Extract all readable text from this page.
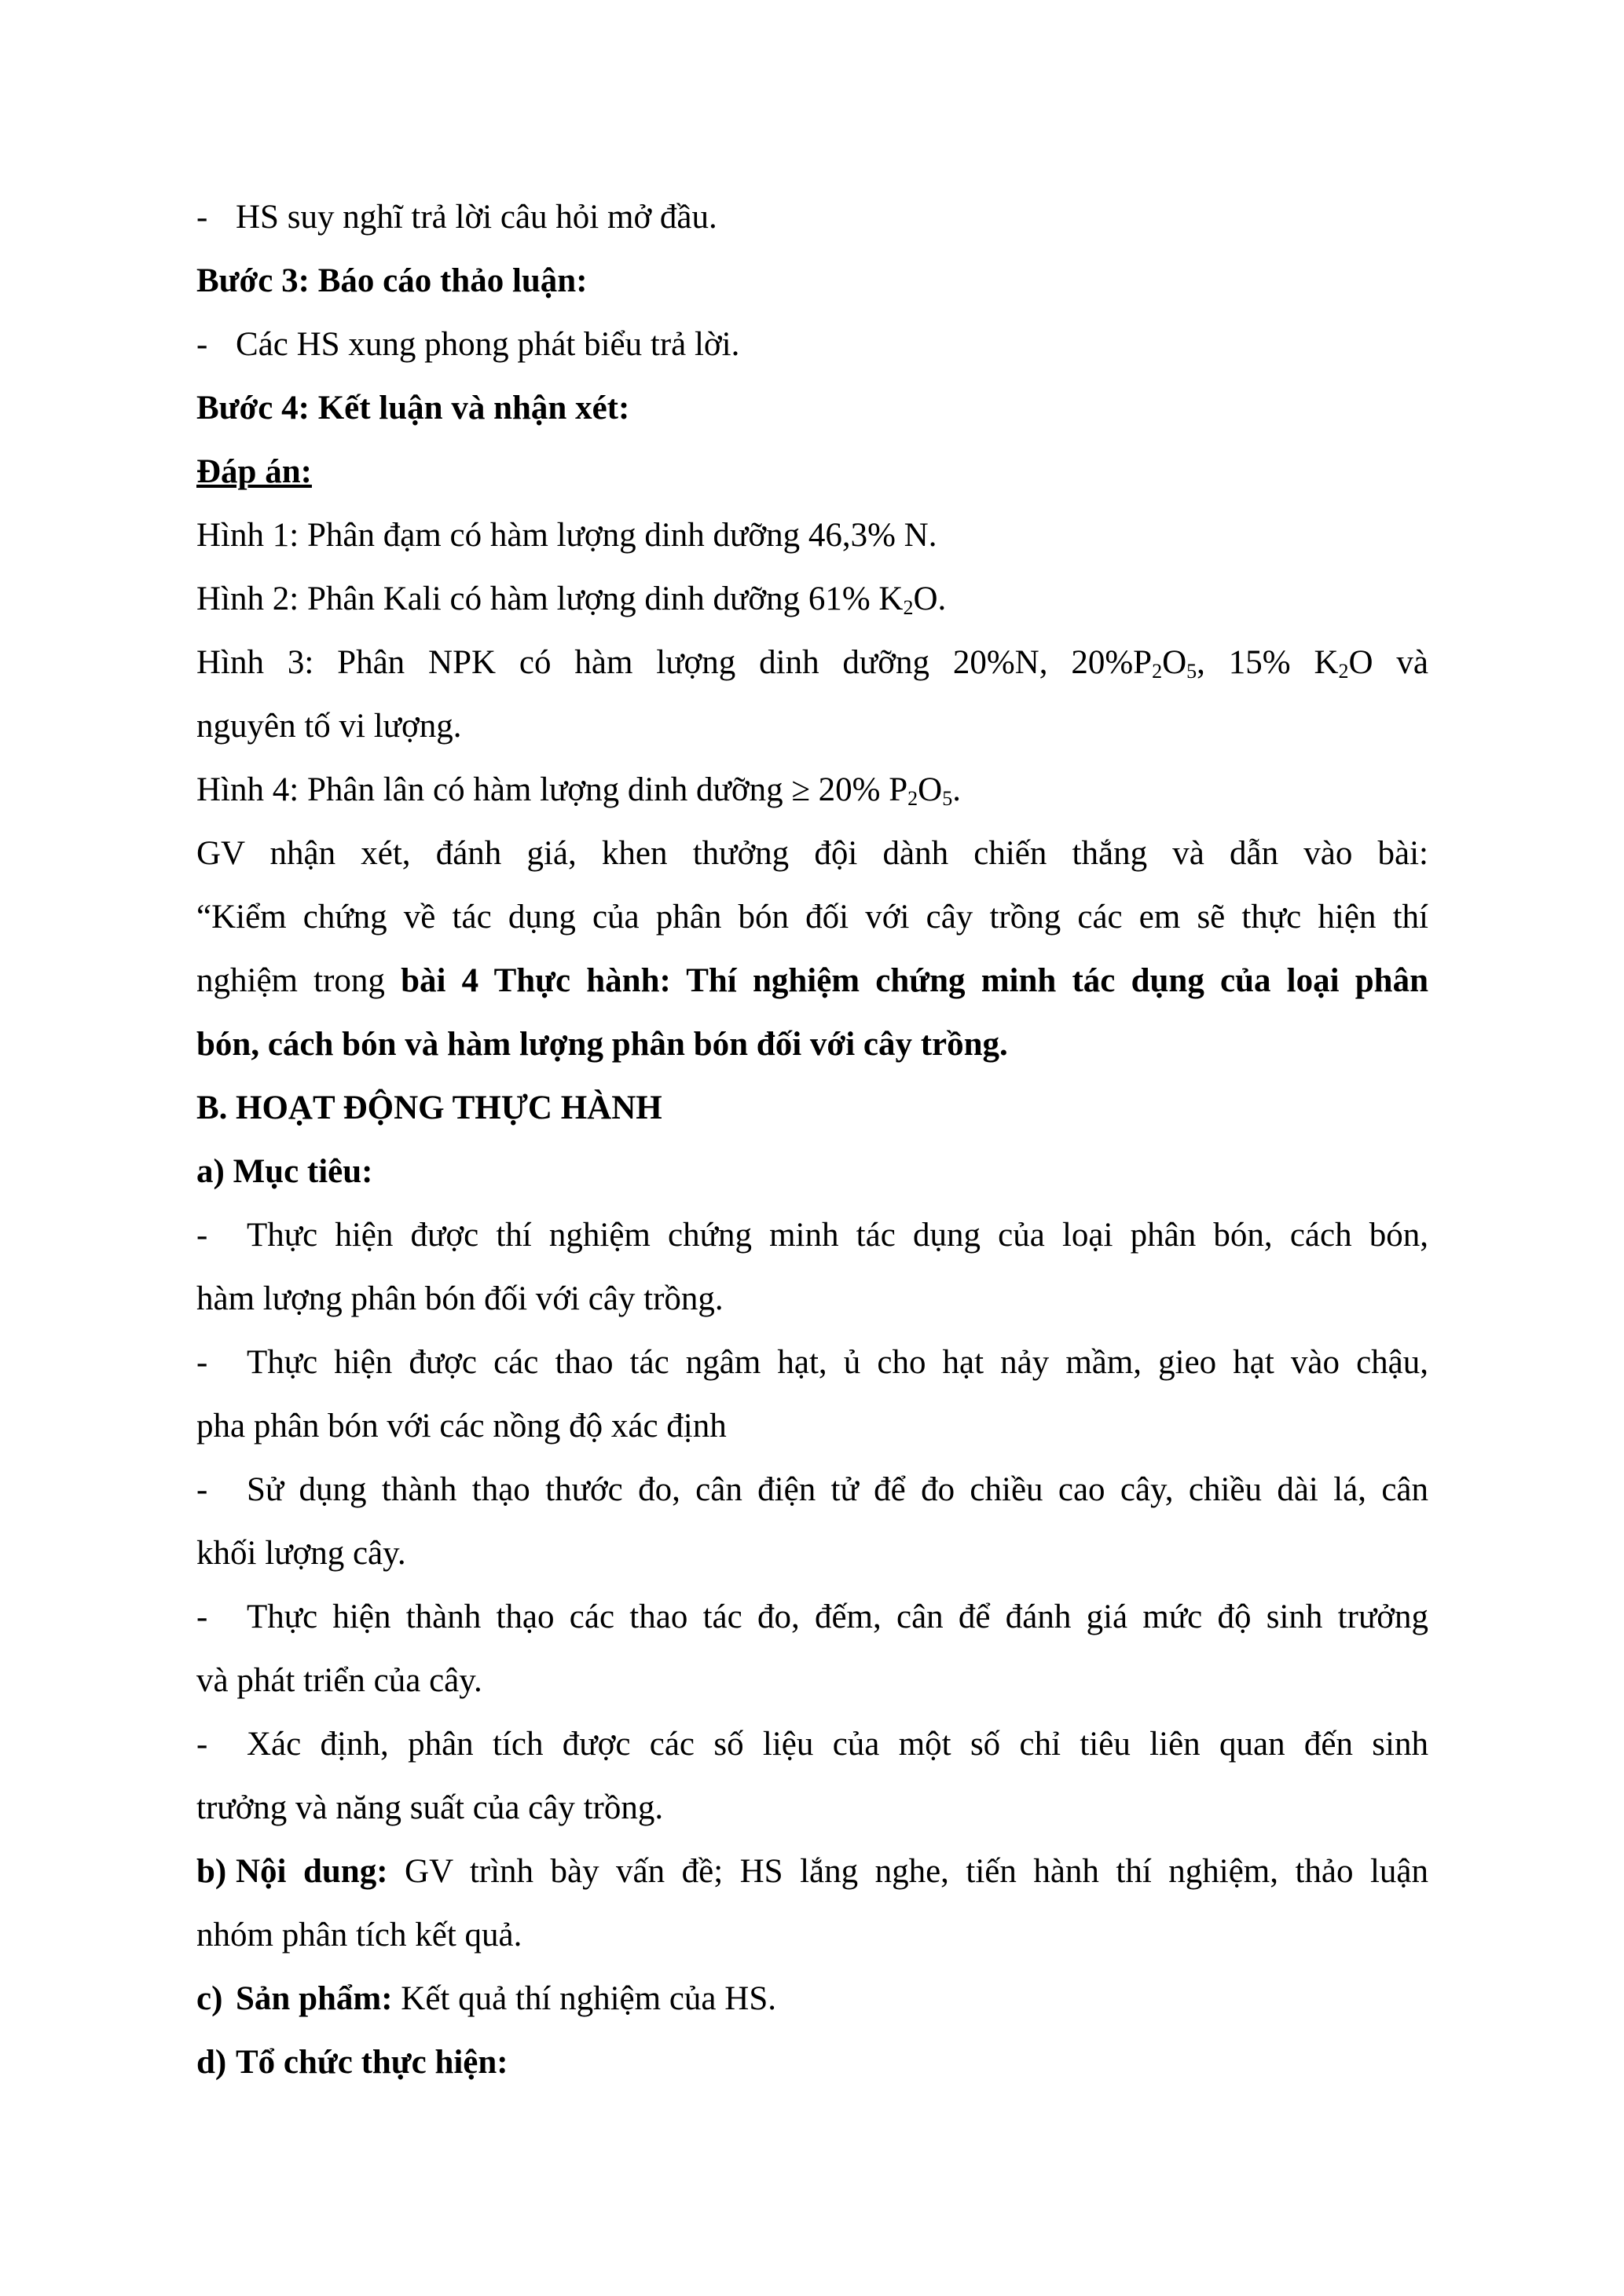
- HS suy nghĩ trả lời câu hỏi mở đầu.
Bước 3: Báo cáo thảo luận:
- Các HS xung phong phát biểu trả lời.
Bước 4: Kết luận và nhận xét:
Đáp án:
Hình 1: Phân đạm có hàm lượng dinh dưỡng 46,3% N.
Hình 2: Phân Kali có hàm lượng dinh dưỡng 61% $K_2O$.
Hình 3: Phân NPK có hàm lượng dinh dưỡng 20%N, $20\%P_2O_5$, 15% $K_2O$ và
nguyên tố vi lượng.
Hình 4: Phân lân có hàm lượng dinh dưỡng ≥ 20% $P_2O_5$.
GV nhận xét, đánh giá, khen thưởng đội dành chiến thắng và dẫn vào bài:
“Kiểm chứng về tác dụng của phân bón đối với cây trồng các em sẽ thực hiện thí
nghiệm trong bài 4 Thực hành: Thí nghiệm chứng minh tác dụng của loại phân
bón, cách bón và hàm lượng phân bón đối với cây trồng.
B. HOẠT ĐỘNG THỰC HÀNH
a) Mục tiêu:
- Thực hiện được thí nghiệm chứng minh tác dụng của loại phân bón, cách bón,
hàm lượng phân bón đối với cây trồng.
- Thực hiện được các thao tác ngâm hạt, ủ cho hạt nảy mầm, gieo hạt vào chậu,
pha phân bón với các nồng độ xác định
- Sử dụng thành thạo thước đo, cân điện tử để đo chiều cao cây, chiều dài lá, cân
khối lượng cây.
- Thực hiện thành thạo các thao tác đo, đếm, cân để đánh giá mức độ sinh trưởng
và phát triển của cây.
- Xác định, phân tích được các số liệu của một số chỉ tiêu liên quan đến sinh
trưởng và năng suất của cây trồng.
b) Nội dung: GV trình bày vấn đề; HS lắng nghe, tiến hành thí nghiệm, thảo luận
nhóm phân tích kết quả.
c) Sản phẩm: Kết quả thí nghiệm của HS.
d) Tổ chức thực hiện:
